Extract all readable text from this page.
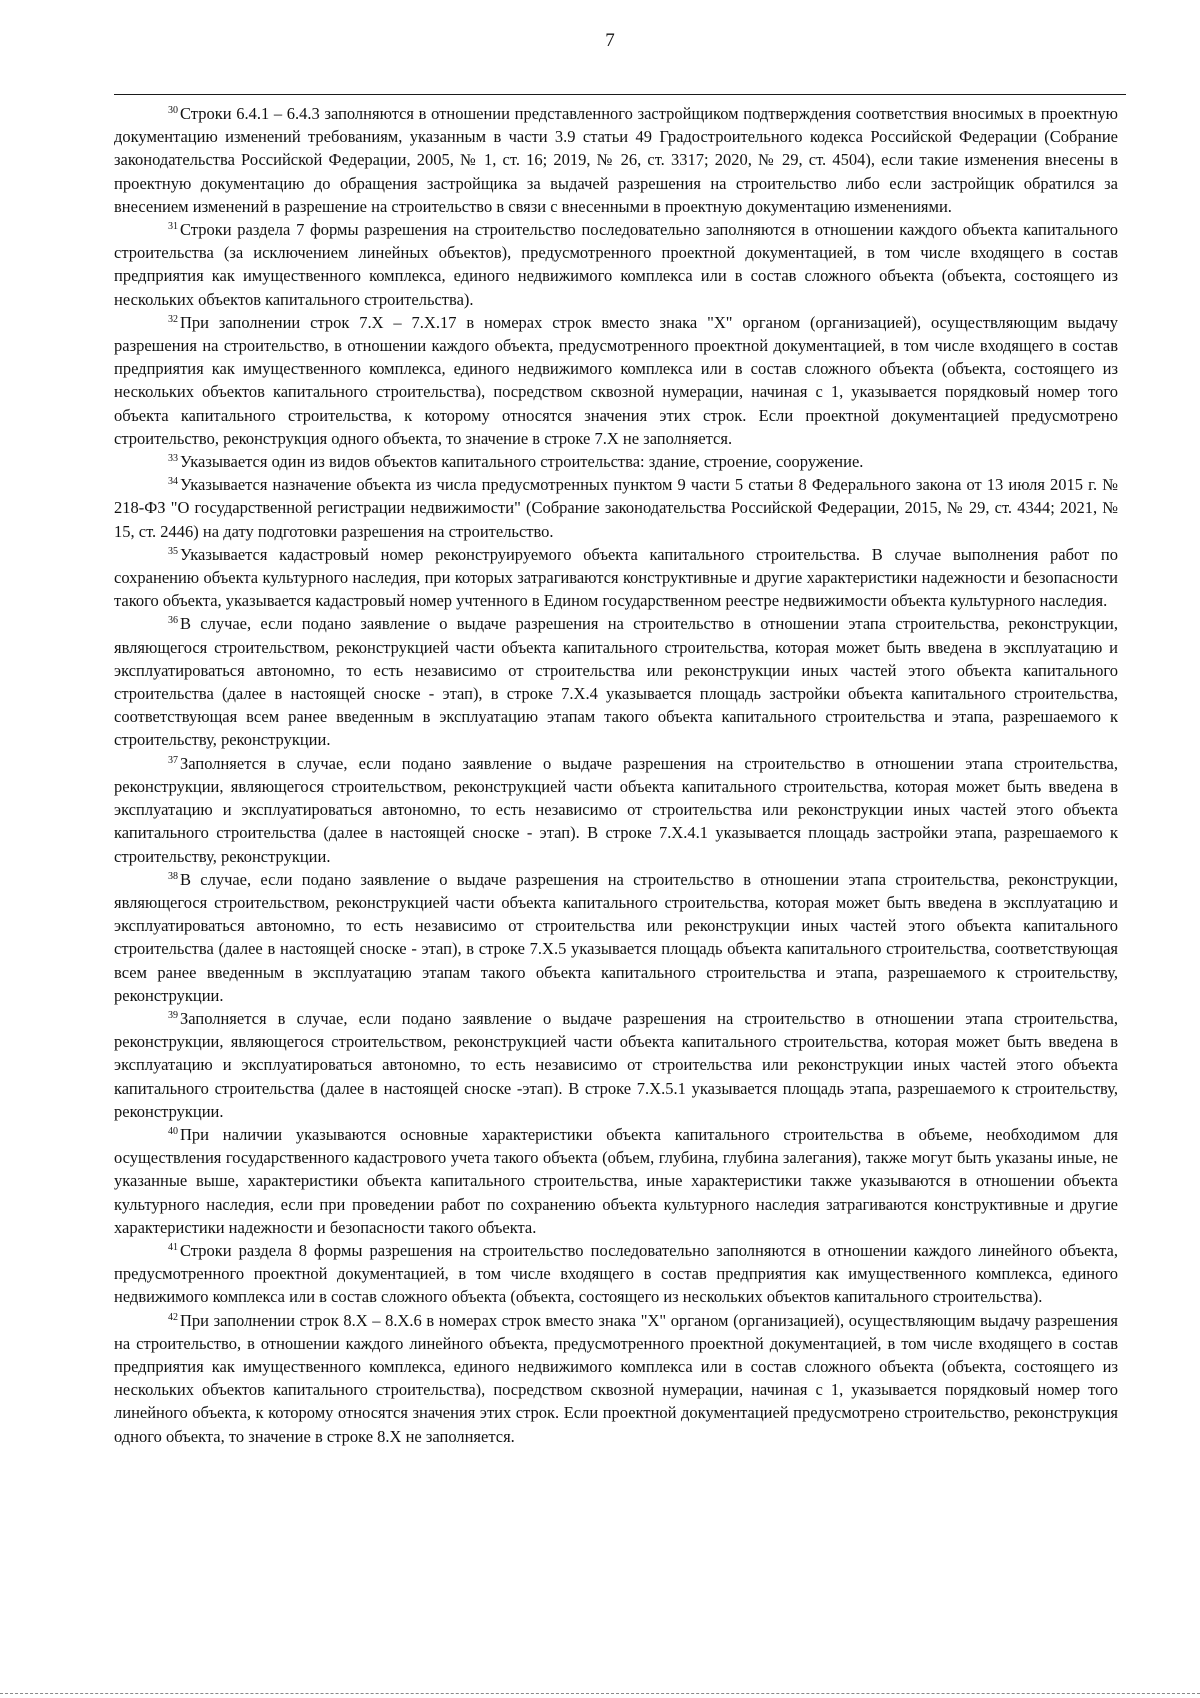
7

$^{30}$ Строки 6.4.1 – 6.4.3 заполняются в отношении представленного застройщиком подтверждения соответствия вносимых в проектную документацию изменений требованиям, указанным в части 3.9 статьи 49 Градостроительного кодекса Российской Федерации (Собрание законодательства Российской Федерации, 2005, № 1, ст. 16; 2019, № 26, ст. 3317; 2020, № 29, ст. 4504), если такие изменения внесены в проектную документацию до обращения застройщика за выдачей разрешения на строительство либо если застройщик обратился за внесением изменений в разрешение на строительство в связи с внесенными в проектную документацию изменениями.

$^{31}$ Строки раздела 7 формы разрешения на строительство последовательно заполняются в отношении каждого объекта капитального строительства (за исключением линейных объектов), предусмотренного проектной документацией, в том числе входящего в состав предприятия как имущественного комплекса, единого недвижимого комплекса или в состав сложного объекта (объекта, состоящего из нескольких объектов капитального строительства).

$^{32}$ При заполнении строк 7.Х – 7.Х.17 в номерах строк вместо знака "Х" органом (организацией), осуществляющим выдачу разрешения на строительство, в отношении каждого объекта, предусмотренного проектной документацией, в том числе входящего в состав предприятия как имущественного комплекса, единого недвижимого комплекса или в состав сложного объекта (объекта, состоящего из нескольких объектов капитального строительства), посредством сквозной нумерации, начиная с 1, указывается порядковый номер того объекта капитального строительства, к которому относятся значения этих строк. Если проектной документацией предусмотрено строительство, реконструкция одного объекта, то значение в строке 7.Х не заполняется.

$^{33}$ Указывается один из видов объектов капитального строительства: здание, строение, сооружение.

$^{34}$ Указывается назначение объекта из числа предусмотренных пунктом 9 части 5 статьи 8 Федерального закона от 13 июля 2015 г. № 218-ФЗ "О государственной регистрации недвижимости" (Собрание законодательства Российской Федерации, 2015, № 29, ст. 4344; 2021, № 15, ст. 2446) на дату подготовки разрешения на строительство.

$^{35}$ Указывается кадастровый номер реконструируемого объекта капитального строительства. В случае выполнения работ по сохранению объекта культурного наследия, при которых затрагиваются конструктивные и другие характеристики надежности и безопасности такого объекта, указывается кадастровый номер учтенного в Едином государственном реестре недвижимости объекта культурного наследия.

$^{36}$ В случае, если подано заявление о выдаче разрешения на строительство в отношении этапа строительства, реконструкции, являющегося строительством, реконструкцией части объекта капитального строительства, которая может быть введена в эксплуатацию и эксплуатироваться автономно, то есть независимо от строительства или реконструкции иных частей этого объекта капитального строительства (далее в настоящей сноске - этап), в строке 7.Х.4 указывается площадь застройки объекта капитального строительства, соответствующая всем ранее введенным в эксплуатацию этапам такого объекта капитального строительства и этапа, разрешаемого к строительству, реконструкции.

$^{37}$ Заполняется в случае, если подано заявление о выдаче разрешения на строительство в отношении этапа строительства, реконструкции, являющегося строительством, реконструкцией части объекта капитального строительства, которая может быть введена в эксплуатацию и эксплуатироваться автономно, то есть независимо от строительства или реконструкции иных частей этого объекта капитального строительства (далее в настоящей сноске - этап). В строке 7.Х.4.1 указывается площадь застройки этапа, разрешаемого к строительству, реконструкции.

$^{38}$ В случае, если подано заявление о выдаче разрешения на строительство в отношении этапа строительства, реконструкции, являющегося строительством, реконструкцией части объекта капитального строительства, которая может быть введена в эксплуатацию и эксплуатироваться автономно, то есть независимо от строительства или реконструкции иных частей этого объекта капитального строительства (далее в настоящей сноске - этап), в строке 7.Х.5 указывается площадь объекта капитального строительства, соответствующая всем ранее введенным в эксплуатацию этапам такого объекта капитального строительства и этапа, разрешаемого к строительству, реконструкции.

$^{39}$ Заполняется в случае, если подано заявление о выдаче разрешения на строительство в отношении этапа строительства, реконструкции, являющегося строительством, реконструкцией части объекта капитального строительства, которая может быть введена в эксплуатацию и эксплуатироваться автономно, то есть независимо от строительства или реконструкции иных частей этого объекта капитального строительства (далее в настоящей сноске -этап). В строке 7.Х.5.1 указывается площадь этапа, разрешаемого к строительству, реконструкции.

$^{40}$ При наличии указываются основные характеристики объекта капитального строительства в объеме, необходимом для осуществления государственного кадастрового учета такого объекта (объем, глубина, глубина залегания), также могут быть указаны иные, не указанные выше, характеристики объекта капитального строительства, иные характеристики также указываются в отношении объекта культурного наследия, если при проведении работ по сохранению объекта культурного наследия затрагиваются конструктивные и другие характеристики надежности и безопасности такого объекта.

$^{41}$ Строки раздела 8 формы разрешения на строительство последовательно заполняются в отношении каждого линейного объекта, предусмотренного проектной документацией, в том числе входящего в состав предприятия как имущественного комплекса, единого недвижимого комплекса или в состав сложного объекта (объекта, состоящего из нескольких объектов капитального строительства).

$^{42}$ При заполнении строк 8.Х – 8.Х.6 в номерах строк вместо знака "Х" органом (организацией), осуществляющим выдачу разрешения на строительство, в отношении каждого линейного объекта, предусмотренного проектной документацией, в том числе входящего в состав предприятия как имущественного комплекса, единого недвижимого комплекса или в состав сложного объекта (объекта, состоящего из нескольких объектов капитального строительства), посредством сквозной нумерации, начиная с 1, указывается порядковый номер того линейного объекта, к которому относятся значения этих строк. Если проектной документацией предусмотрено строительство, реконструкция одного объекта, то значение в строке 8.Х не заполняется.
